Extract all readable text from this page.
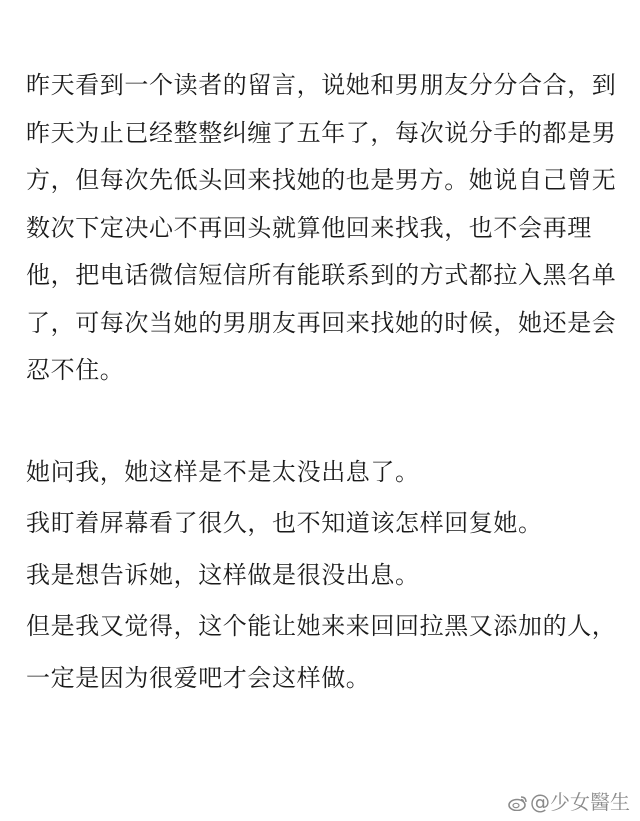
昨天看到一个读者的留言，说她和男朋友分分合合，到
昨天为止已经整整纠缠了五年了，每次说分手的都是男
方，但每次先低头回来找她的也是男方。她说自己曾无
数次下定决心不再回头就算他回来找我，也不会再理
他，把电话微信短信所有能联系到的方式都拉入黑名单
了，可每次当她的男朋友再回来找她的时候，她还是会
忍不住。

她问我，她这样是不是太没出息了。
我盯着屏幕看了很久，也不知道该怎样回复她。
我是想告诉她，这样做是很没出息。
但是我又觉得，这个能让她来来回回拉黑又添加的人，
一定是因为很爱吧才会这样做。
@少女醫生
